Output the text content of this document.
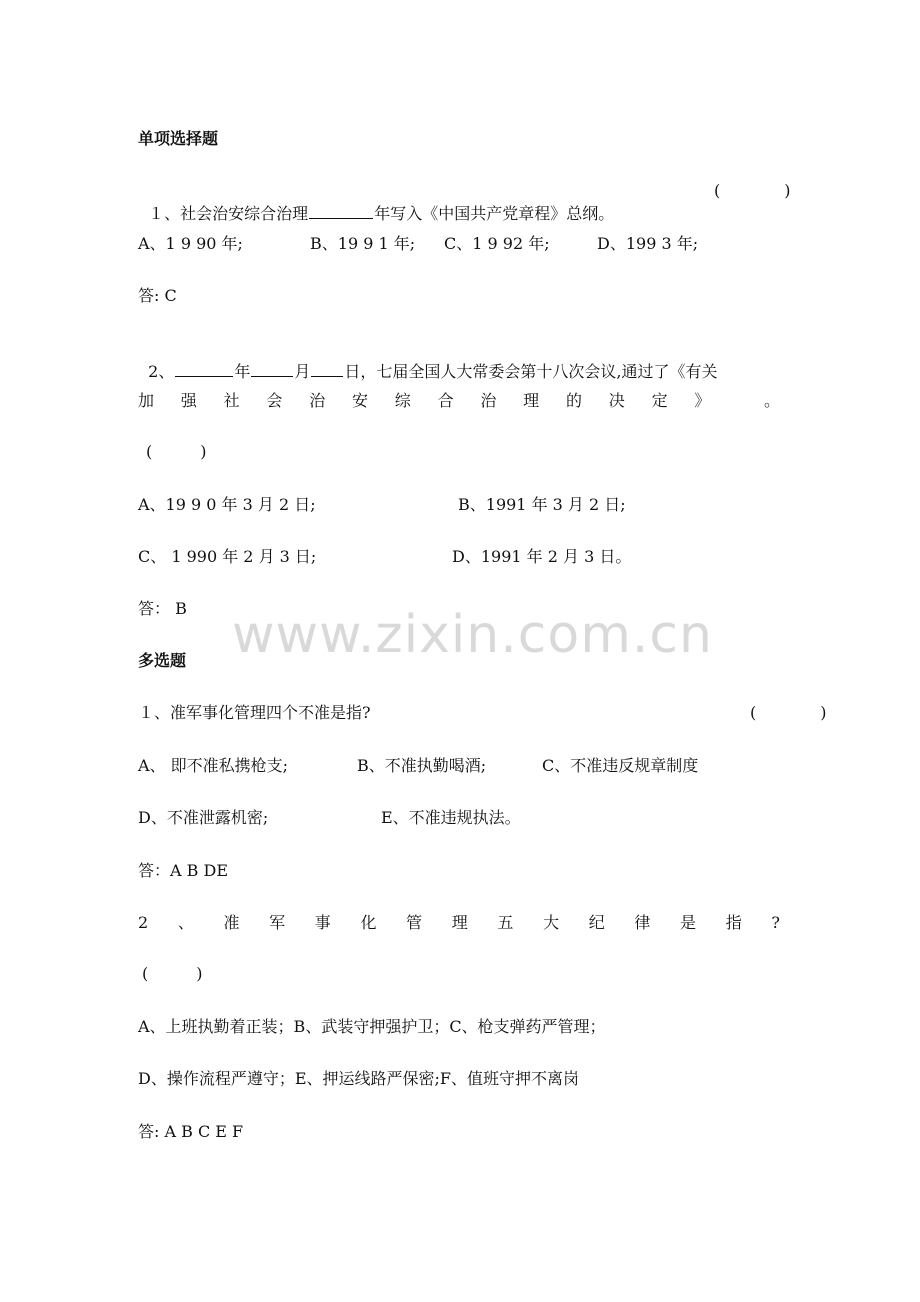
www.zixin.com.cn
单项选择题

１、社会治安综合治理	年写入《中国共产党章程》总纲。

(　　　　)
A、1 9 90 年;	B、19 9 1 年; C、1 9 92 年;	D、199 3 年;
答: C

2、	年	月 日，七届全国人大常委会第十八次会议,通过了《有关

加 强 社 会 治 安 综 合 治 理 的 决 定 》	。
(　　　)
A、19 9 0 年 3 月 2 日;	B、1991 年 3 月 2 日;
C、 1 990 年 2 月 3 日;	D、1991 年 2 月 3 日。
答： B
多选题
１、准军事化管理四个不准是指?	(　　　　)
A、 即不准私携枪支;	B、不准执勤喝酒;	C、不准违反规章制度
D、不准泄露机密;	E、不准违规执法。
答：A B DE
2 、 准 军 事 化 管 理 五 大 纪 律 是 指 ?
(　　　)
A、上班执勤着正装；B、武装守押强护卫；C、枪支弹药严管理；
D、操作流程严遵守；E、押运线路严保密;F、值班守押不离岗
答: A B C E F
